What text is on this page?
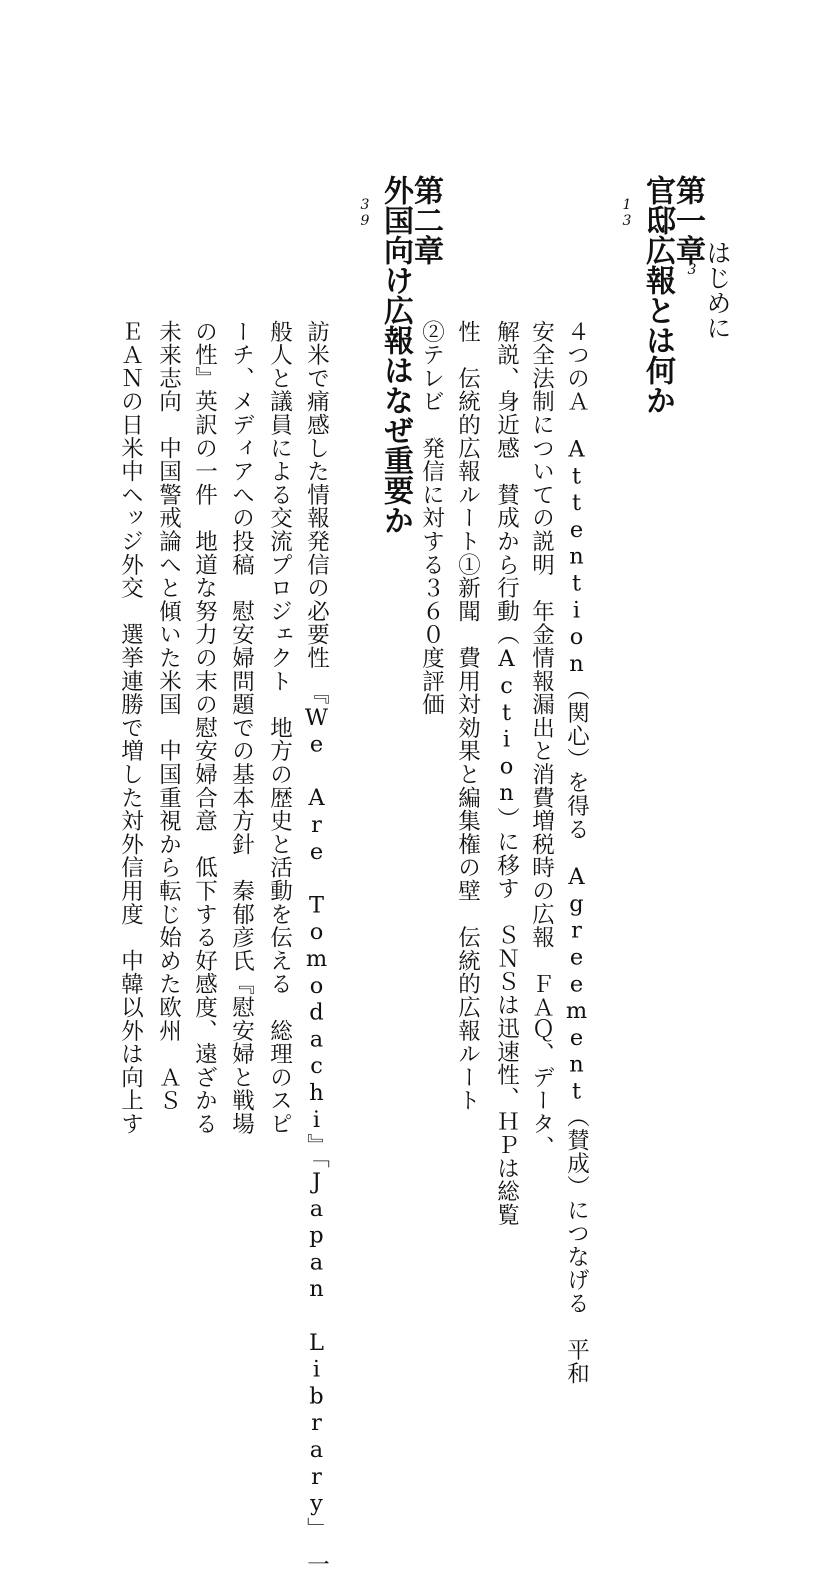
はじめに
3
第一章
官邸広報とは何か
13
４つのＡ　Attention（関心）を得る　Agreement（賛成）につなげる　平和
安全法制についての説明　年金情報漏出と消費増税時の広報　ＦＡＱ、データ、
解説、身近感　賛成から行動（Action）に移す　ＳＮＳは迅速性、ＨＰは総覧
性　伝統的広報ルート①新聞　費用対効果と編集権の壁　伝統的広報ルート
②テレビ　発信に対する３６０度評価
第二章
外国向け広報はなぜ重要か
39
訪米で痛感した情報発信の必要性　『We Are Tomodachi』「Japan Library」　一
般人と議員による交流プロジェクト　地方の歴史と活動を伝える　総理のスピ
ーチ、メディアへの投稿　慰安婦問題での基本方針　秦郁彦氏『慰安婦と戦場
の性』英訳の一件　地道な努力の末の慰安婦合意　低下する好感度、遠ざかる
未来志向　中国警戒論へと傾いた米国　中国重視から転じ始めた欧州　ＡＳ
ＥＡＮの日米中ヘッジ外交　選挙連勝で増した対外信用度　中韓以外は向上す
